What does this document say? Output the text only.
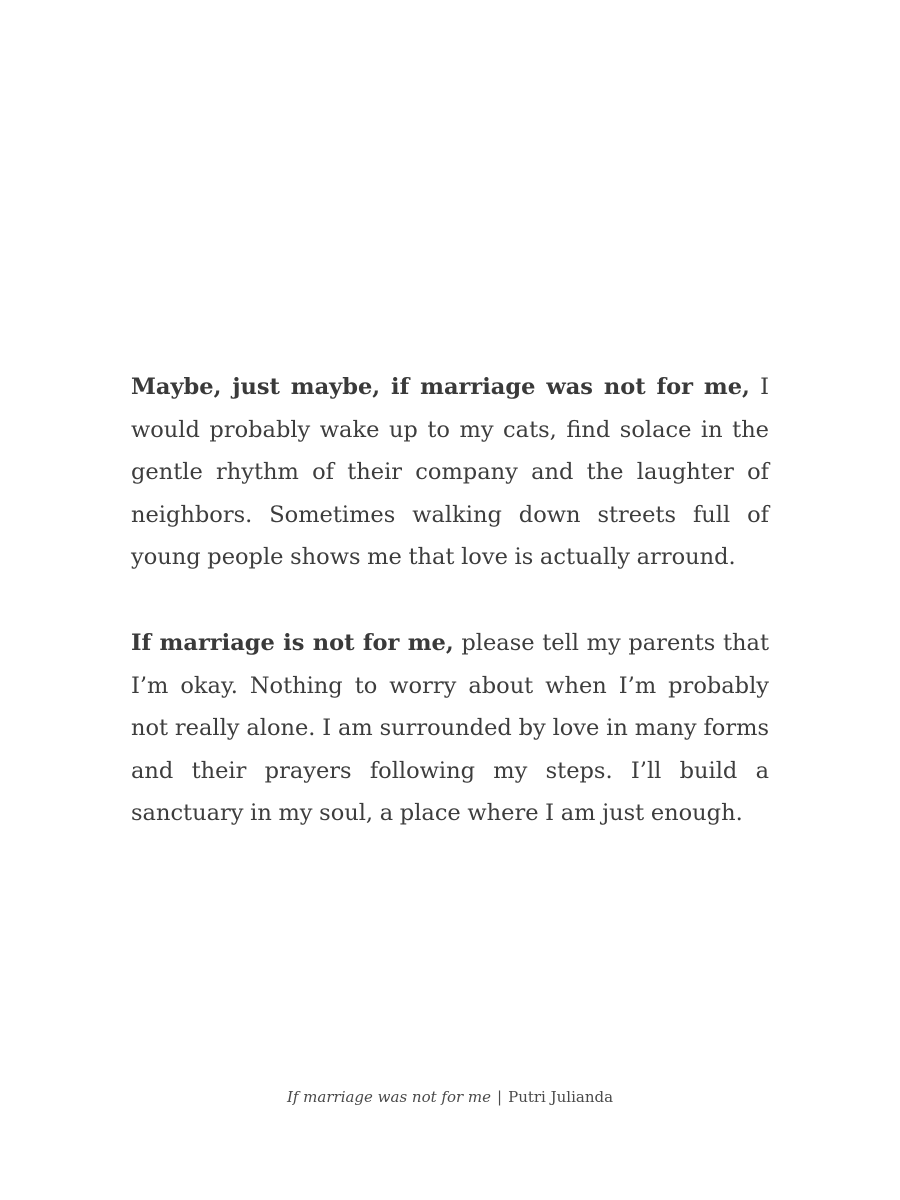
Maybe, just maybe, if marriage was not for me, I would probably wake up to my cats, find solace in the gentle rhythm of their company and the laughter of neighbors. Sometimes walking down streets full of young people shows me that love is actually arround.

If marriage is not for me, please tell my parents that I’m okay. Nothing to worry about when I’m probably not really alone. I am surrounded by love in many forms and their prayers following my steps. I’ll build a sanctuary in my soul, a place where I am just enough.

If marriage was not for me | Putri Julianda
